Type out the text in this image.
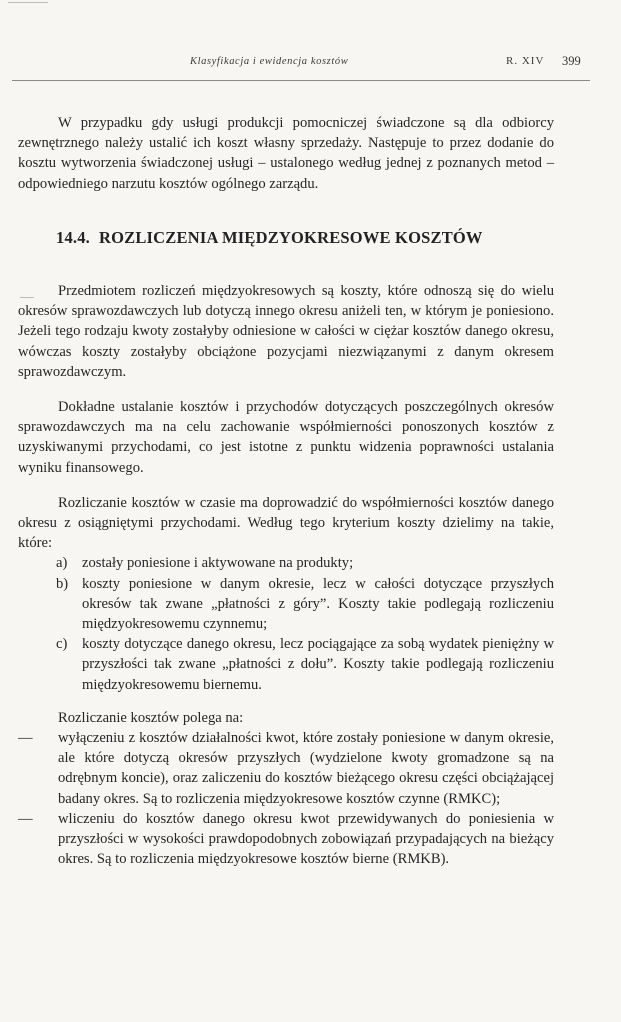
Klasyfikacja i ewidencja kosztów	R. XIV 399

W przypadku gdy usługi produkcji pomocniczej świadczone są dla odbiorcy zewnętrznego należy ustalić ich koszt własny sprzedaży. Następuje to przez dodanie do kosztu wytworzenia świadczonej usługi – ustalonego według jednej z poznanych metod – odpowiedniego narzutu kosztów ogólnego zarządu.

14.4. ROZLICZENIA MIĘDZYOKRESOWE KOSZTÓW

Przedmiotem rozliczeń międzyokresowych są koszty, które odnoszą się do wielu okresów sprawozdawczych lub dotyczą innego okresu aniżeli ten, w którym je poniesiono. Jeżeli tego rodzaju kwoty zostałyby odniesione w całości w ciężar kosztów danego okresu, wówczas koszty zostałyby obciążone pozycjami niezwiązanymi z danym okresem sprawozdawczym.

Dokładne ustalanie kosztów i przychodów dotyczących poszczególnych okresów sprawozdawczych ma na celu zachowanie współmierności ponoszonych kosztów z uzyskiwanymi przychodami, co jest istotne z punktu widzenia poprawności ustalania wyniku finansowego.

Rozliczanie kosztów w czasie ma doprowadzić do współmierności kosztów danego okresu z osiągniętymi przychodami. Według tego kryterium koszty dzielimy na takie, które:

a) zostały poniesione i aktywowane na produkty;
b) koszty poniesione w danym okresie, lecz w całości dotyczące przyszłych okresów tak zwane „płatności z góry”. Koszty takie podlegają rozliczeniu międzyokresowemu czynnemu;
c) koszty dotyczące danego okresu, lecz pociągające za sobą wydatek pieniężny w przyszłości tak zwane „płatności z dołu”. Koszty takie podlegają rozliczeniu międzyokresowemu biernemu.

Rozliczanie kosztów polega na:

— wyłączeniu z kosztów działalności kwot, które zostały poniesione w danym okresie, ale które dotyczą okresów przyszłych (wydzielone kwoty gromadzone są na odrębnym koncie), oraz zaliczeniu do kosztów bieżącego okresu części obciążającej badany okres. Są to rozliczenia międzyokresowe kosztów czynne (RMKC);
— wliczeniu do kosztów danego okresu kwot przewidywanych do poniesienia w przyszłości w wysokości prawdopodobnych zobowiązań przypadających na bieżący okres. Są to rozliczenia międzyokresowe kosztów bierne (RMKB).
